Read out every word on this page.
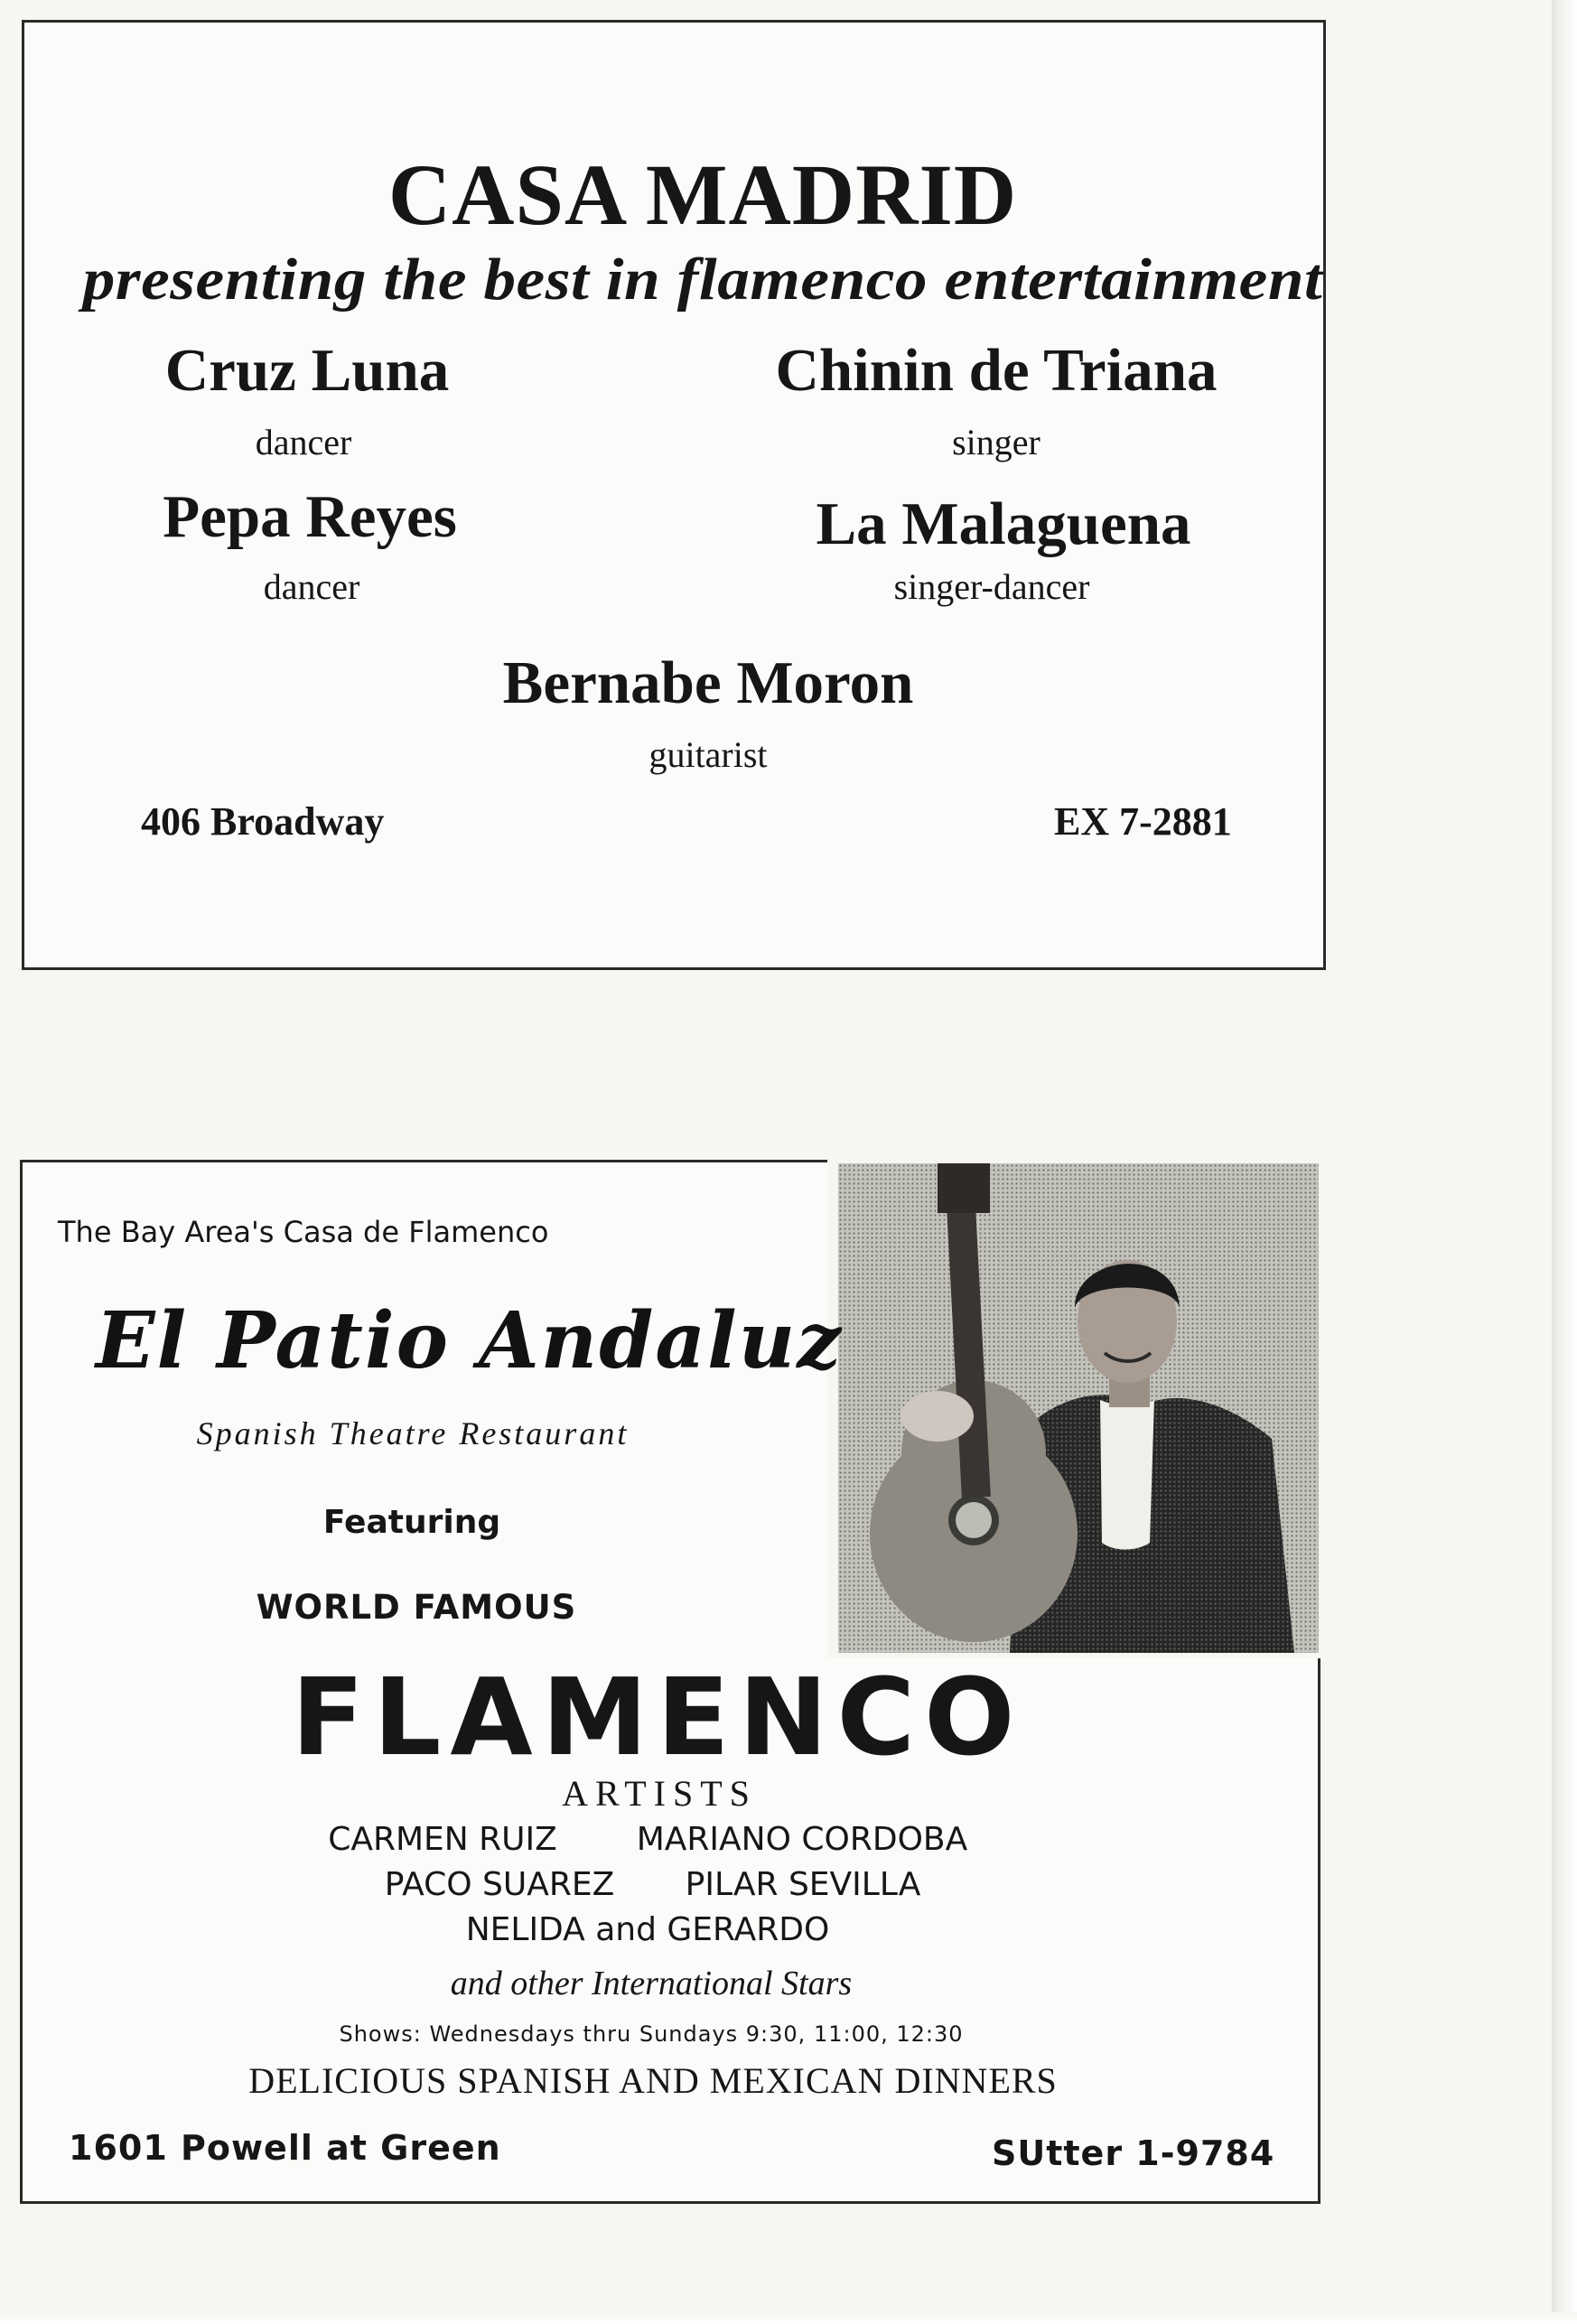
CASA MADRID
presenting the best in flamenco entertainment
Cruz Luna
dancer
Chinin de Triana
singer
Pepa Reyes
dancer
La Malaguena
singer-dancer
Bernabe Moron
guitarist
406 Broadway	EX 7-2881
The Bay Area's Casa de Flamenco
El Patio Andaluz
Spanish Theatre Restaurant
Featuring
WORLD FAMOUS
FLAMENCO
ARTISTS
CARMEN RUIZ MARIANO CORDOBA
PACO SUAREZ PILAR SEVILLA
NELIDA and GERARDO
and other International Stars
Shows: Wednesdays thru Sundays 9:30, 11:00, 12:30
DELICIOUS SPANISH AND MEXICAN DINNERS
1601 Powell at Green	SUtter 1-9784
